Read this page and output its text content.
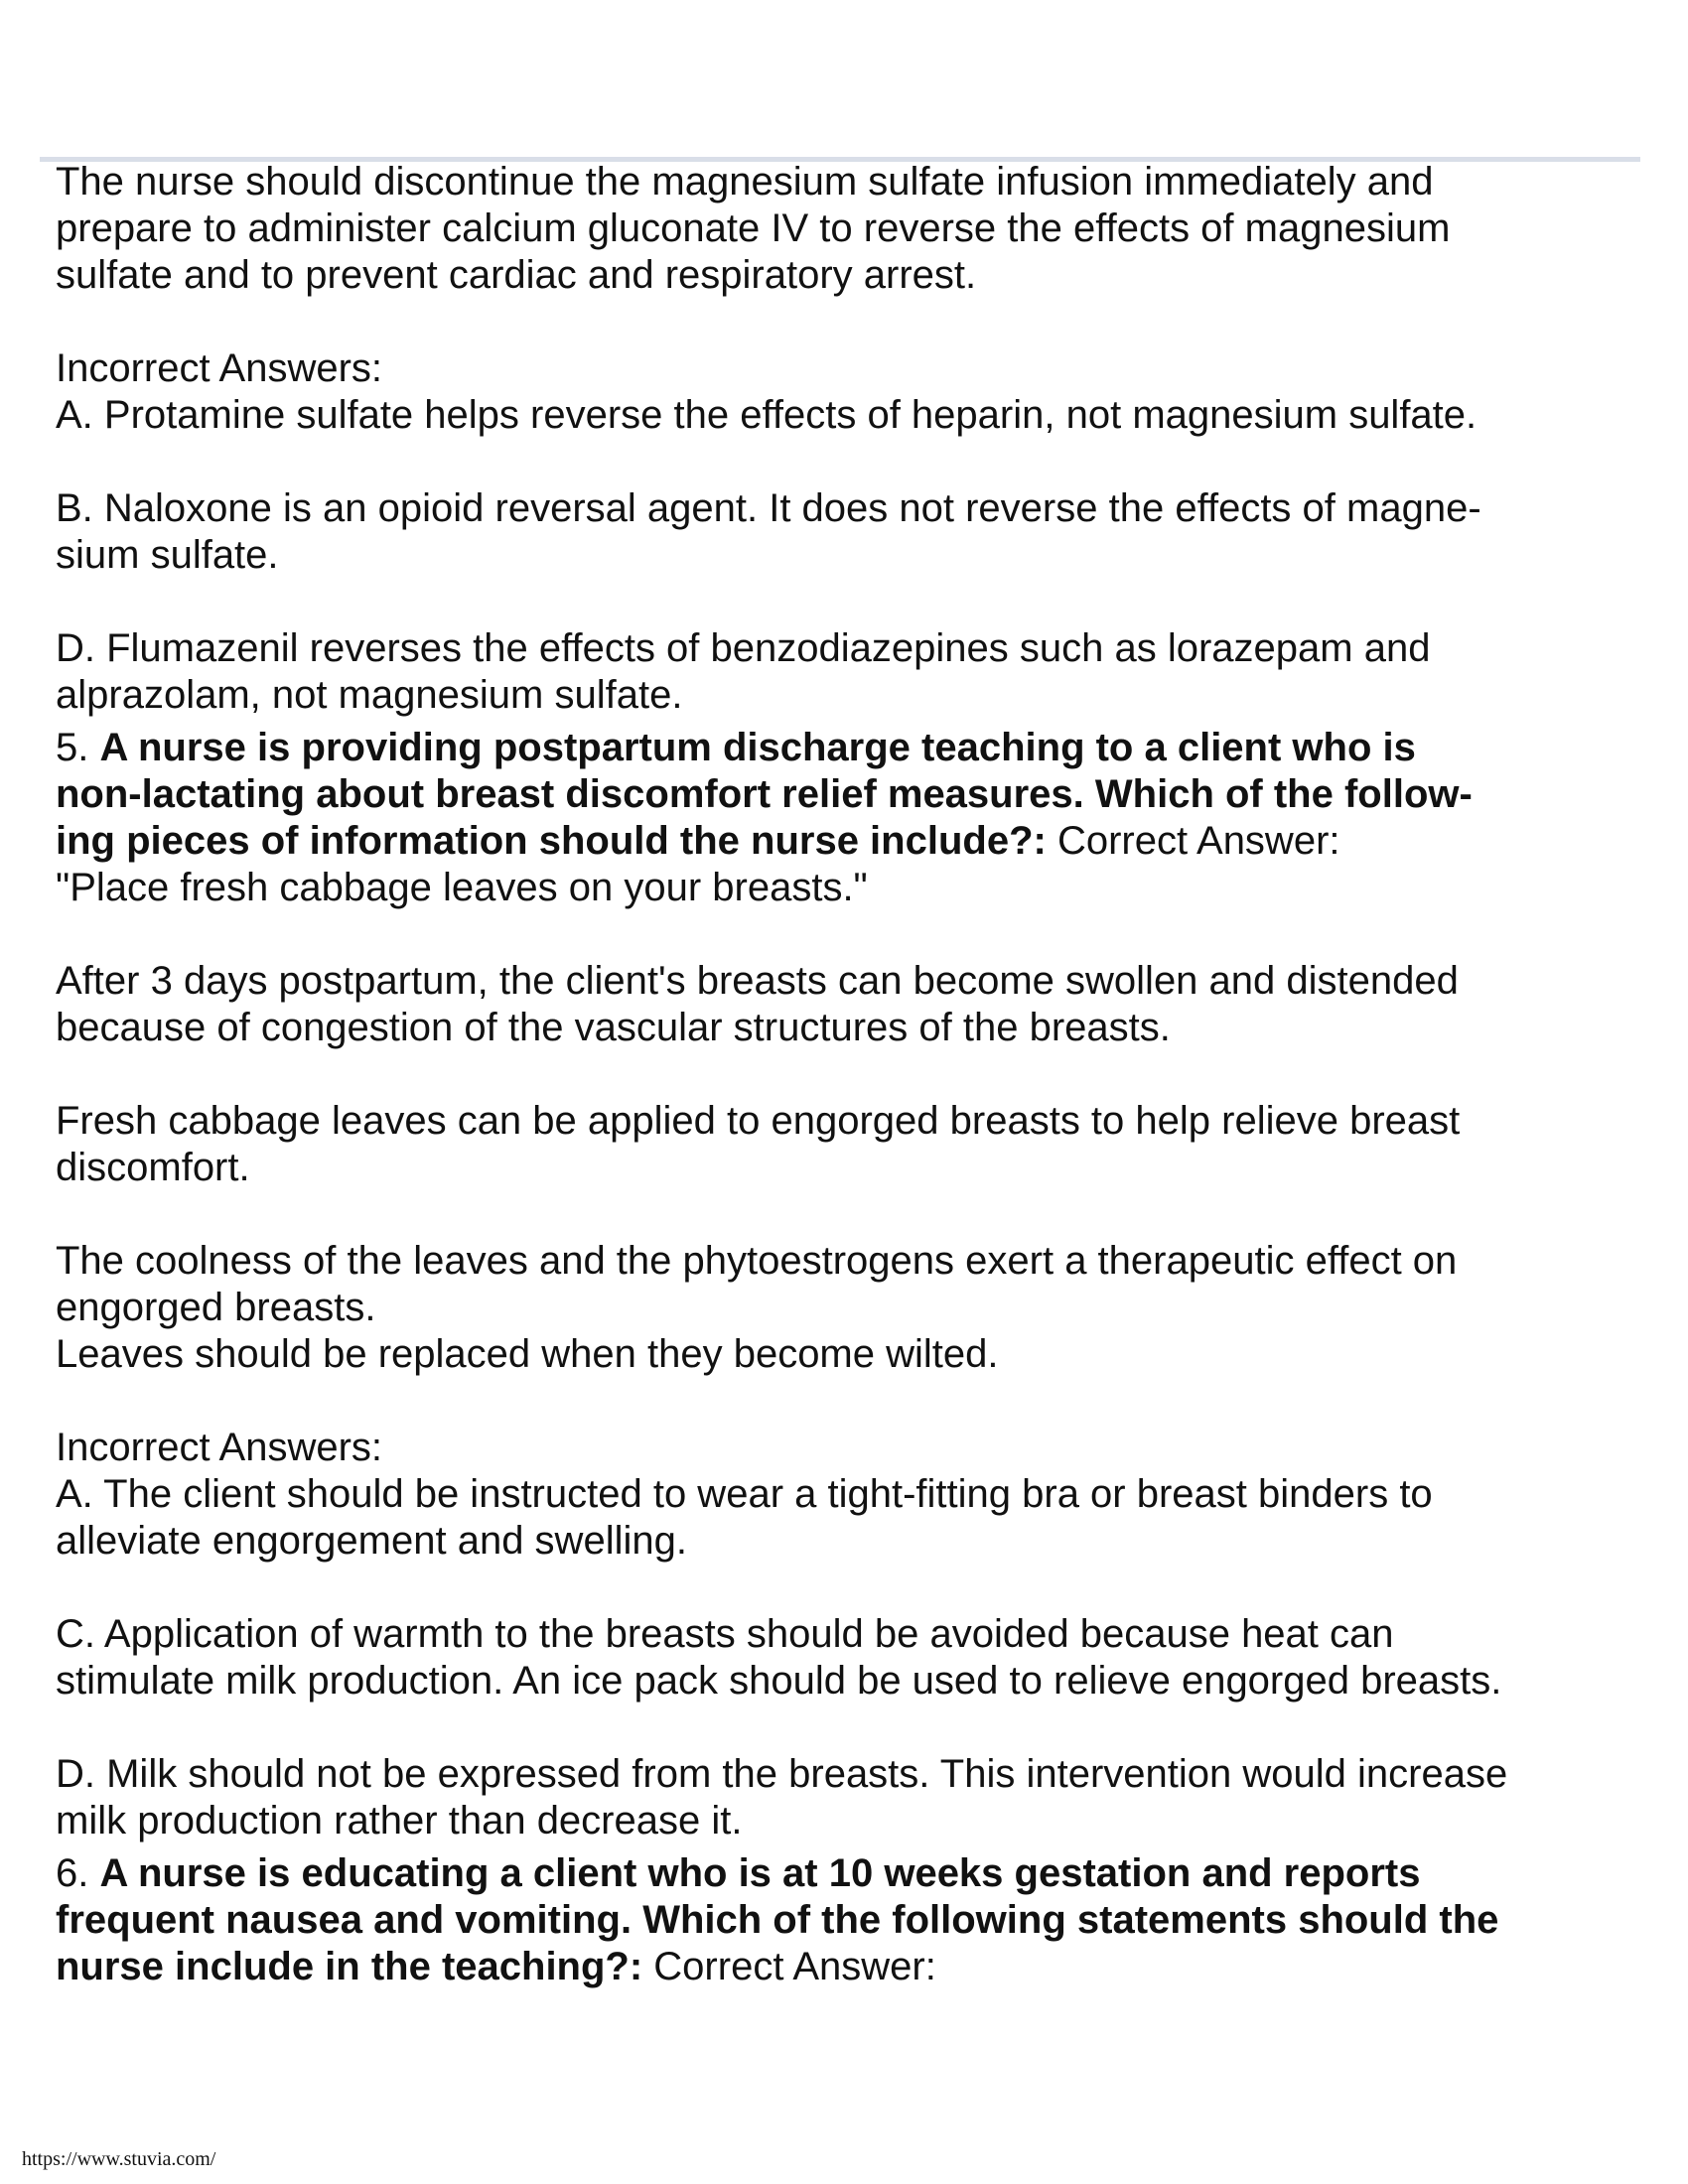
The nurse should discontinue the magnesium sulfate infusion immediately and
prepare to administer calcium gluconate IV to reverse the effects of magnesium
sulfate and to prevent cardiac and respiratory arrest.

Incorrect Answers:

A. Protamine sulfate helps reverse the effects of heparin, not magnesium sulfate.

B. Naloxone is an opioid reversal agent. It does not reverse the effects of magne-
sium sulfate.

D. Flumazenil reverses the effects of benzodiazepines such as lorazepam and
alprazolam, not magnesium sulfate.

5. A nurse is providing postpartum discharge teaching to a client who is
non-lactating about breast discomfort relief measures. Which of the follow-
ing pieces of information should the nurse include?: Correct Answer:

"Place fresh cabbage leaves on your breasts."

After 3 days postpartum, the client's breasts can become swollen and distended
because of congestion of the vascular structures of the breasts.

Fresh cabbage leaves can be applied to engorged breasts to help relieve breast
discomfort.

The coolness of the leaves and the phytoestrogens exert a therapeutic effect on
engorged breasts.
Leaves should be replaced when they become wilted.

Incorrect Answers:

A. The client should be instructed to wear a tight-fitting bra or breast binders to
alleviate engorgement and swelling.

C. Application of warmth to the breasts should be avoided because heat can
stimulate milk production. An ice pack should be used to relieve engorged breasts.

D. Milk should not be expressed from the breasts. This intervention would increase
milk production rather than decrease it.

6. A nurse is educating a client who is at 10 weeks gestation and reports
frequent nausea and vomiting. Which of the following statements should the
nurse include in the teaching?: Correct Answer:

https://www.stuvia.com/
